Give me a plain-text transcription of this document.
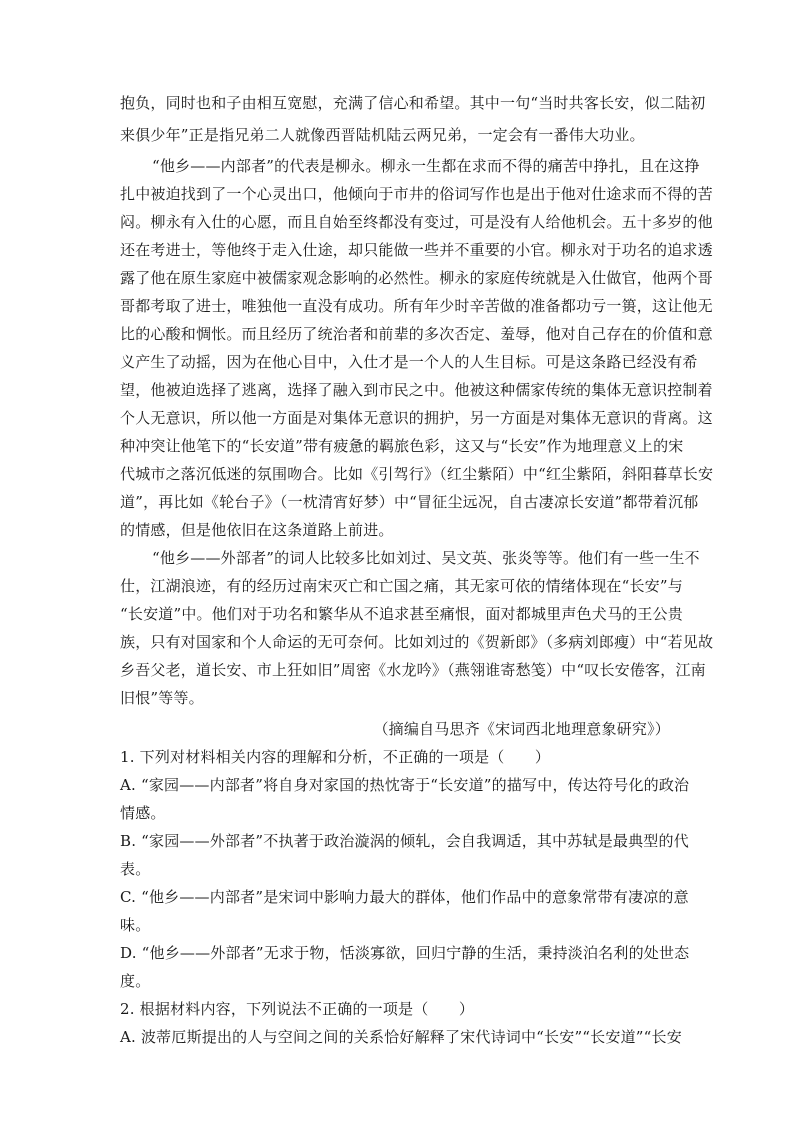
抱负，同时也和子由相互宽慰，充满了信心和希望。其中一句“当时共客长安，似二陆初
来俱少年”正是指兄弟二人就像西晋陆机陆云两兄弟，一定会有一番伟大功业。
“他乡——内部者”的代表是柳永。柳永一生都在求而不得的痛苦中挣扎，且在这挣
扎中被迫找到了一个心灵出口，他倾向于市井的俗词写作也是出于他对仕途求而不得的苦
闷。柳永有入仕的心愿，而且自始至终都没有变过，可是没有人给他机会。五十多岁的他
还在考进士，等他终于走入仕途，却只能做一些并不重要的小官。柳永对于功名的追求透
露了他在原生家庭中被儒家观念影响的必然性。柳永的家庭传统就是入仕做官，他两个哥
哥都考取了进士，唯独他一直没有成功。所有年少时辛苦做的准备都功亏一篑，这让他无
比的心酸和惆怅。而且经历了统治者和前辈的多次否定、羞辱，他对自己存在的价值和意
义产生了动摇，因为在他心目中，入仕才是一个人的人生目标。可是这条路已经没有希
望，他被迫选择了逃离，选择了融入到市民之中。他被这种儒家传统的集体无意识控制着
个人无意识，所以他一方面是对集体无意识的拥护，另一方面是对集体无意识的背离。这
种冲突让他笔下的“长安道”带有疲惫的羁旅色彩，这又与“长安”作为地理意义上的宋
代城市之落沉低迷的氛围吻合。比如《引驾行》（红尘紫陌）中“红尘紫陌，斜阳暮草长安
道”，再比如《轮台子》（一枕清宵好梦）中“冒征尘远况，自古凄凉长安道”都带着沉郁
的情感，但是他依旧在这条道路上前进。
“他乡——外部者”的词人比较多比如刘过、吴文英、张炎等等。他们有一些一生不
仕，江湖浪迹，有的经历过南宋灭亡和亡国之痛，其无家可依的情绪体现在“长安”与
“长安道”中。他们对于功名和繁华从不追求甚至痛恨，面对都城里声色犬马的王公贵
族，只有对国家和个人命运的无可奈何。比如刘过的《贺新郎》（多病刘郎瘦）中“若见故
乡吾父老，道长安、市上狂如旧”周密《水龙吟》（燕翎谁寄愁笺）中“叹长安倦客，江南
旧恨”等等。
（摘编自马思齐《宋词西北地理意象研究》）
1. 下列对材料相关内容的理解和分析，不正确的一项是（　　）
A. “家园——内部者”将自身对家国的热忱寄于“长安道”的描写中，传达符号化的政治
情感。
B. “家园——外部者”不执著于政治漩涡的倾轧，会自我调适，其中苏轼是最典型的代
表。
C. “他乡——内部者”是宋词中影响力最大的群体，他们作品中的意象常带有凄凉的意
味。
D. “他乡——外部者”无求于物，恬淡寡欲，回归宁静的生活，秉持淡泊名利的处世态
度。
2. 根据材料内容，下列说法不正确的一项是（　　）
A. 波蒂厄斯提出的人与空间之间的关系恰好解释了宋代诗词中“长安”“长安道”“长安
